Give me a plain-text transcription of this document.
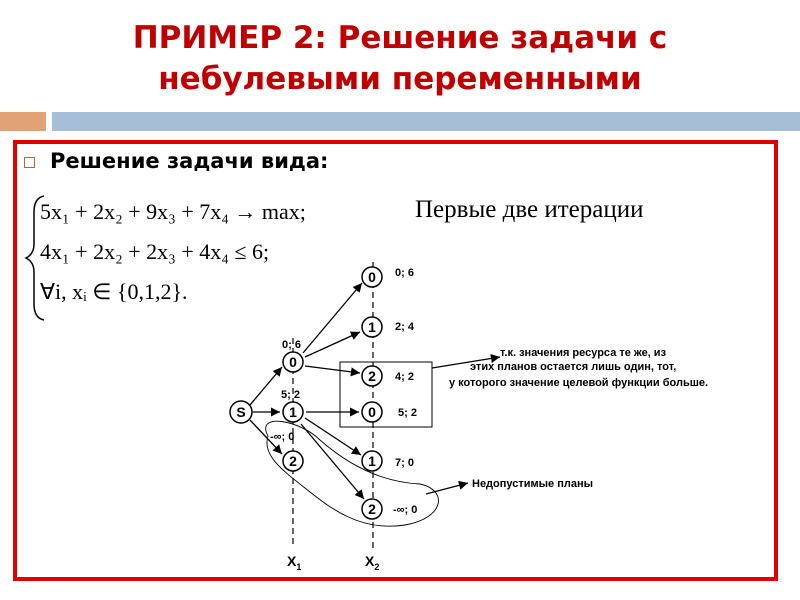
ПРИМЕР 2: Решение задачи с
небулевыми переменными
Решение задачи вида:
5x₁ + 2x₂ + 9x₃ + 7x₄ → max;
4x₁ + 2x₂ + 2x₃ + 4x₄ ≤ 6;
∀i, xᵢ ∈ {0,1,2}.
Первые две итерации
S
0
1
2
0
1
2
0
1
2
0; 6
5; 2
-∞; 0
0; 6
2; 4
4; 2
5; 2
7; 0
-∞; 0
т.к. значения ресурса те же, из
этих планов остается лишь один, тот,
у которого значение целевой функции больше.
Недопустимые планы
$X_1$	$X_2$
